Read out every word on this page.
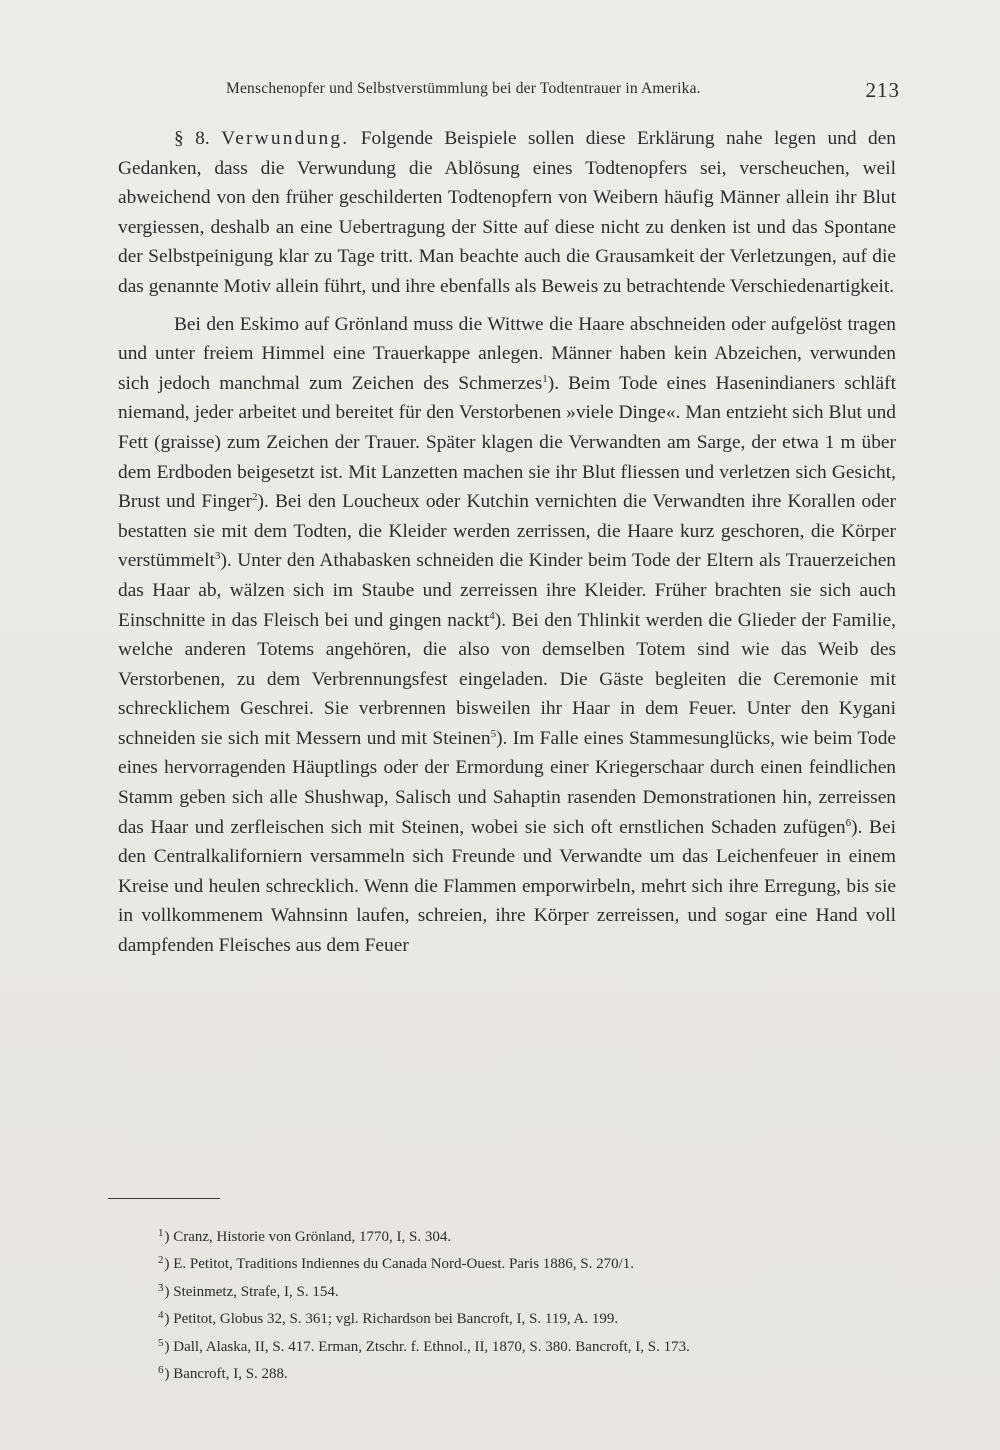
Menschenopfer und Selbstverstümmlung bei der Todtentrauer in Amerika.	213

§ 8. Verwundung. Folgende Beispiele sollen diese Erklärung nahe legen und den Gedanken, dass die Verwundung die Ablösung eines Todtenopfers sei, verscheuchen, weil abweichend von den früher geschilderten Todtenopfern von Weibern häufig Männer allein ihr Blut vergiessen, deshalb an eine Uebertragung der Sitte auf diese nicht zu denken ist und das Spontane der Selbstpeinigung klar zu Tage tritt. Man beachte auch die Grausamkeit der Verletzungen, auf die das genannte Motiv allein führt, und ihre ebenfalls als Beweis zu betrachtende Verschiedenartigkeit.

Bei den Eskimo auf Grönland muss die Wittwe die Haare abschneiden oder aufgelöst tragen und unter freiem Himmel eine Trauerkappe anlegen. Männer haben kein Abzeichen, verwunden sich jedoch manchmal zum Zeichen des Schmerzes$^1$). Beim Tode eines Hasenindianers schläft niemand, jeder arbeitet und bereitet für den Verstorbenen »viele Dinge«. Man entzieht sich Blut und Fett (graisse) zum Zeichen der Trauer. Später klagen die Verwandten am Sarge, der etwa 1 m über dem Erdboden beigesetzt ist. Mit Lanzetten machen sie ihr Blut fliessen und verletzen sich Gesicht, Brust und Finger$^2$). Bei den Loucheux oder Kutchin vernichten die Verwandten ihre Korallen oder bestatten sie mit dem Todten, die Kleider werden zerrissen, die Haare kurz geschoren, die Körper verstümmelt$^3$). Unter den Athabasken schneiden die Kinder beim Tode der Eltern als Trauerzeichen das Haar ab, wälzen sich im Staube und zerreissen ihre Kleider. Früher brachten sie sich auch Einschnitte in das Fleisch bei und gingen nackt$^4$). Bei den Thlinkit werden die Glieder der Familie, welche anderen Totems angehören, die also von demselben Totem sind wie das Weib des Verstorbenen, zu dem Verbrennungsfest eingeladen. Die Gäste begleiten die Ceremonie mit schrecklichem Geschrei. Sie verbrennen bisweilen ihr Haar in dem Feuer. Unter den Kygani schneiden sie sich mit Messern und mit Steinen$^5$). Im Falle eines Stammesunglücks, wie beim Tode eines hervorragenden Häuptlings oder der Ermordung einer Kriegerschaar durch einen feindlichen Stamm geben sich alle Shushwap, Salisch und Sahaptin rasenden Demonstrationen hin, zerreissen das Haar und zerfleischen sich mit Steinen, wobei sie sich oft ernstlichen Schaden zufügen$^6$). Bei den Centralkaliforniern versammeln sich Freunde und Verwandte um das Leichenfeuer in einem Kreise und heulen schrecklich. Wenn die Flammen emporwirbeln, mehrt sich ihre Erregung, bis sie in vollkommenem Wahnsinn laufen, schreien, ihre Körper zerreissen, und sogar eine Hand voll dampfenden Fleisches aus dem Feuer

$^1$) Cranz, Historie von Grönland, 1770, I, S. 304.
$^2$) E. Petitot, Traditions Indiennes du Canada Nord-Ouest. Paris 1886, S. 270/1.
$^3$) Steinmetz, Strafe, I, S. 154.
$^4$) Petitot, Globus 32, S. 361; vgl. Richardson bei Bancroft, I, S. 119, A. 199.
$^5$) Dall, Alaska, II, S. 417. Erman, Ztschr. f. Ethnol., II, 1870, S. 380. Bancroft, I, S. 173.
$^6$) Bancroft, I, S. 288.
